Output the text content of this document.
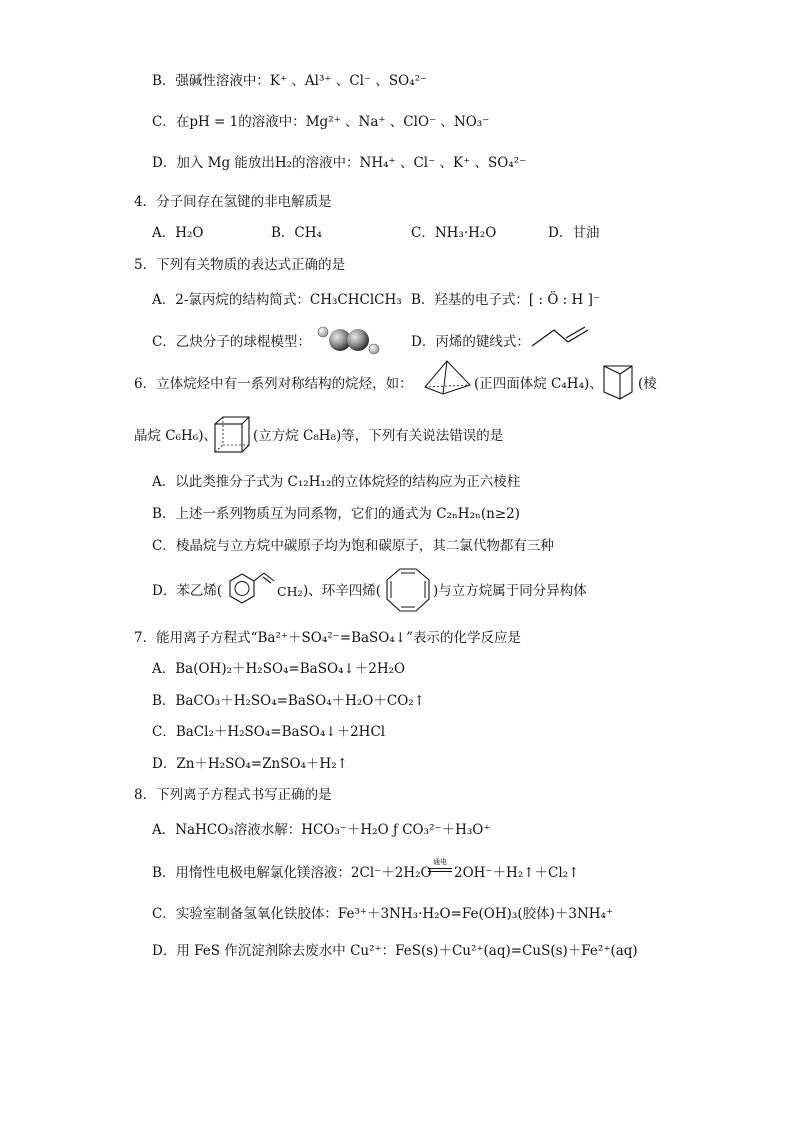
B．强碱性溶液中：K⁺ 、Al³⁺ 、Cl⁻ 、SO₄²⁻
C．在pH = 1的溶液中：Mg²⁺ 、Na⁺ 、ClO⁻ 、NO₃⁻
D．加入 Mg 能放出H₂的溶液中：NH₄⁺ 、Cl⁻ 、K⁺ 、SO₄²⁻
4．分子间存在氢键的非电解质是
A．H₂O	B．CH₄	C．NH₃·H₂O	D．甘油
5．下列有关物质的表达式正确的是
A．2-氯丙烷的结构简式：CH₃CHClCH₃ B．羟基的电子式：[ : Ö : H ]⁻
C．乙炔分子的球棍模型：	D．丙烯的键线式：
6．立体烷烃中有一系列对称结构的烷烃，如：	(正四面体烷 C₄H₄)、	(棱
晶烷 C₆H₆)、	(立方烷 C₈H₈)等，下列有关说法错误的是
A．以此类推分子式为 C₁₂H₁₂的立体烷烃的结构应为正六棱柱
B．上述一系列物质互为同系物，它们的通式为 C₂ₙH₂ₙ(n≥2)
C．棱晶烷与立方烷中碳原子均为饱和碳原子，其二氯代物都有三种
D．苯乙烯(	CH₂ )、环辛四烯(	)与立方烷属于同分异构体
7．能用离子方程式“Ba²⁺＋SO₄²⁻=BaSO₄↓”表示的化学反应是
A．Ba(OH)₂＋H₂SO₄=BaSO₄↓＋2H₂O
B．BaCO₃＋H₂SO₄=BaSO₄＋H₂O＋CO₂↑
C．BaCl₂＋H₂SO₄=BaSO₄↓＋2HCl
D．Zn＋H₂SO₄=ZnSO₄＋H₂↑
8．下列离子方程式书写正确的是
A．NaHCO₃溶液水解：HCO₃⁻＋H₂O ƒ CO₃²⁻＋H₃O⁺
B．用惰性电极电解氯化镁溶液：2Cl⁻＋2H₂O
通电
2OH⁻＋H₂↑＋Cl₂↑
C．实验室制备氢氧化铁胶体：Fe³⁺＋3NH₃·H₂O=Fe(OH)₃(胶体)＋3NH₄⁺
D．用 FeS 作沉淀剂除去废水中 Cu²⁺：FeS(s)＋Cu²⁺(aq)=CuS(s)＋Fe²⁺(aq)
